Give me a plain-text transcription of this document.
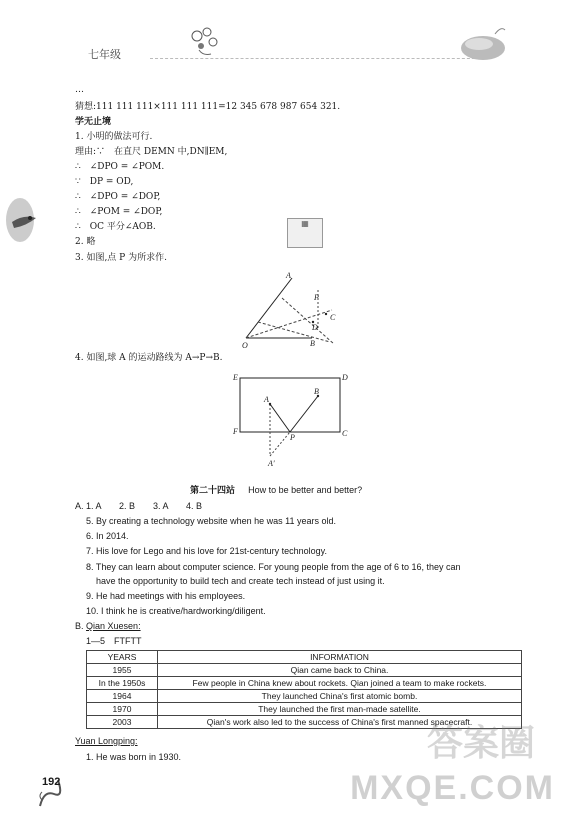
七年级
▦
…
猜想:111 111 111×111 111 111=12 345 678 987 654 321.
学无止境
1. 小明的做法可行.
理由:∵　在直尺 DEMN 中,DN∥EM,
∴　∠DPO = ∠POM.
∵　DP = OD,
∴　∠DPO = ∠DOP,
∴　∠POM = ∠DOP,
∴　OC 平分∠AOB.
2. 略
3. 如图,点 P 为所求作.
A
O	B
P
C
D
4. 如图,球 A 的运动路线为 A→P→B.
E	D
F	C
A
B
P
A′
第二十四站 How to be better and better?
A. 1. A　　2. B　　3. A　　4. B
5. By creating a technology website when he was 11 years old.
6. In 2014.
7. His love for Lego and his love for 21st-century technology.
8. They can learn about computer science. For young people from the age of 6 to 16, they can
have the opportunity to build tech and create tech instead of just using it.
9. He had meetings with his employees.
10. I think he is creative/hardworking/diligent.
B. Qian Xuesen:
1—5　FTFTT
YEARS	INFORMATION
1955	Qian came back to China.
In the 1950s	Few people in China knew about rockets. Qian joined a team to make rockets.
1964	They launched China's first atomic bomb.
1970	They launched the first man-made satellite.
2003	Qian's work also led to the success of China's first manned spacecraft.
Yuan Longping:
1. He was born in 1930.
192
答案圈
MXQE.COM
